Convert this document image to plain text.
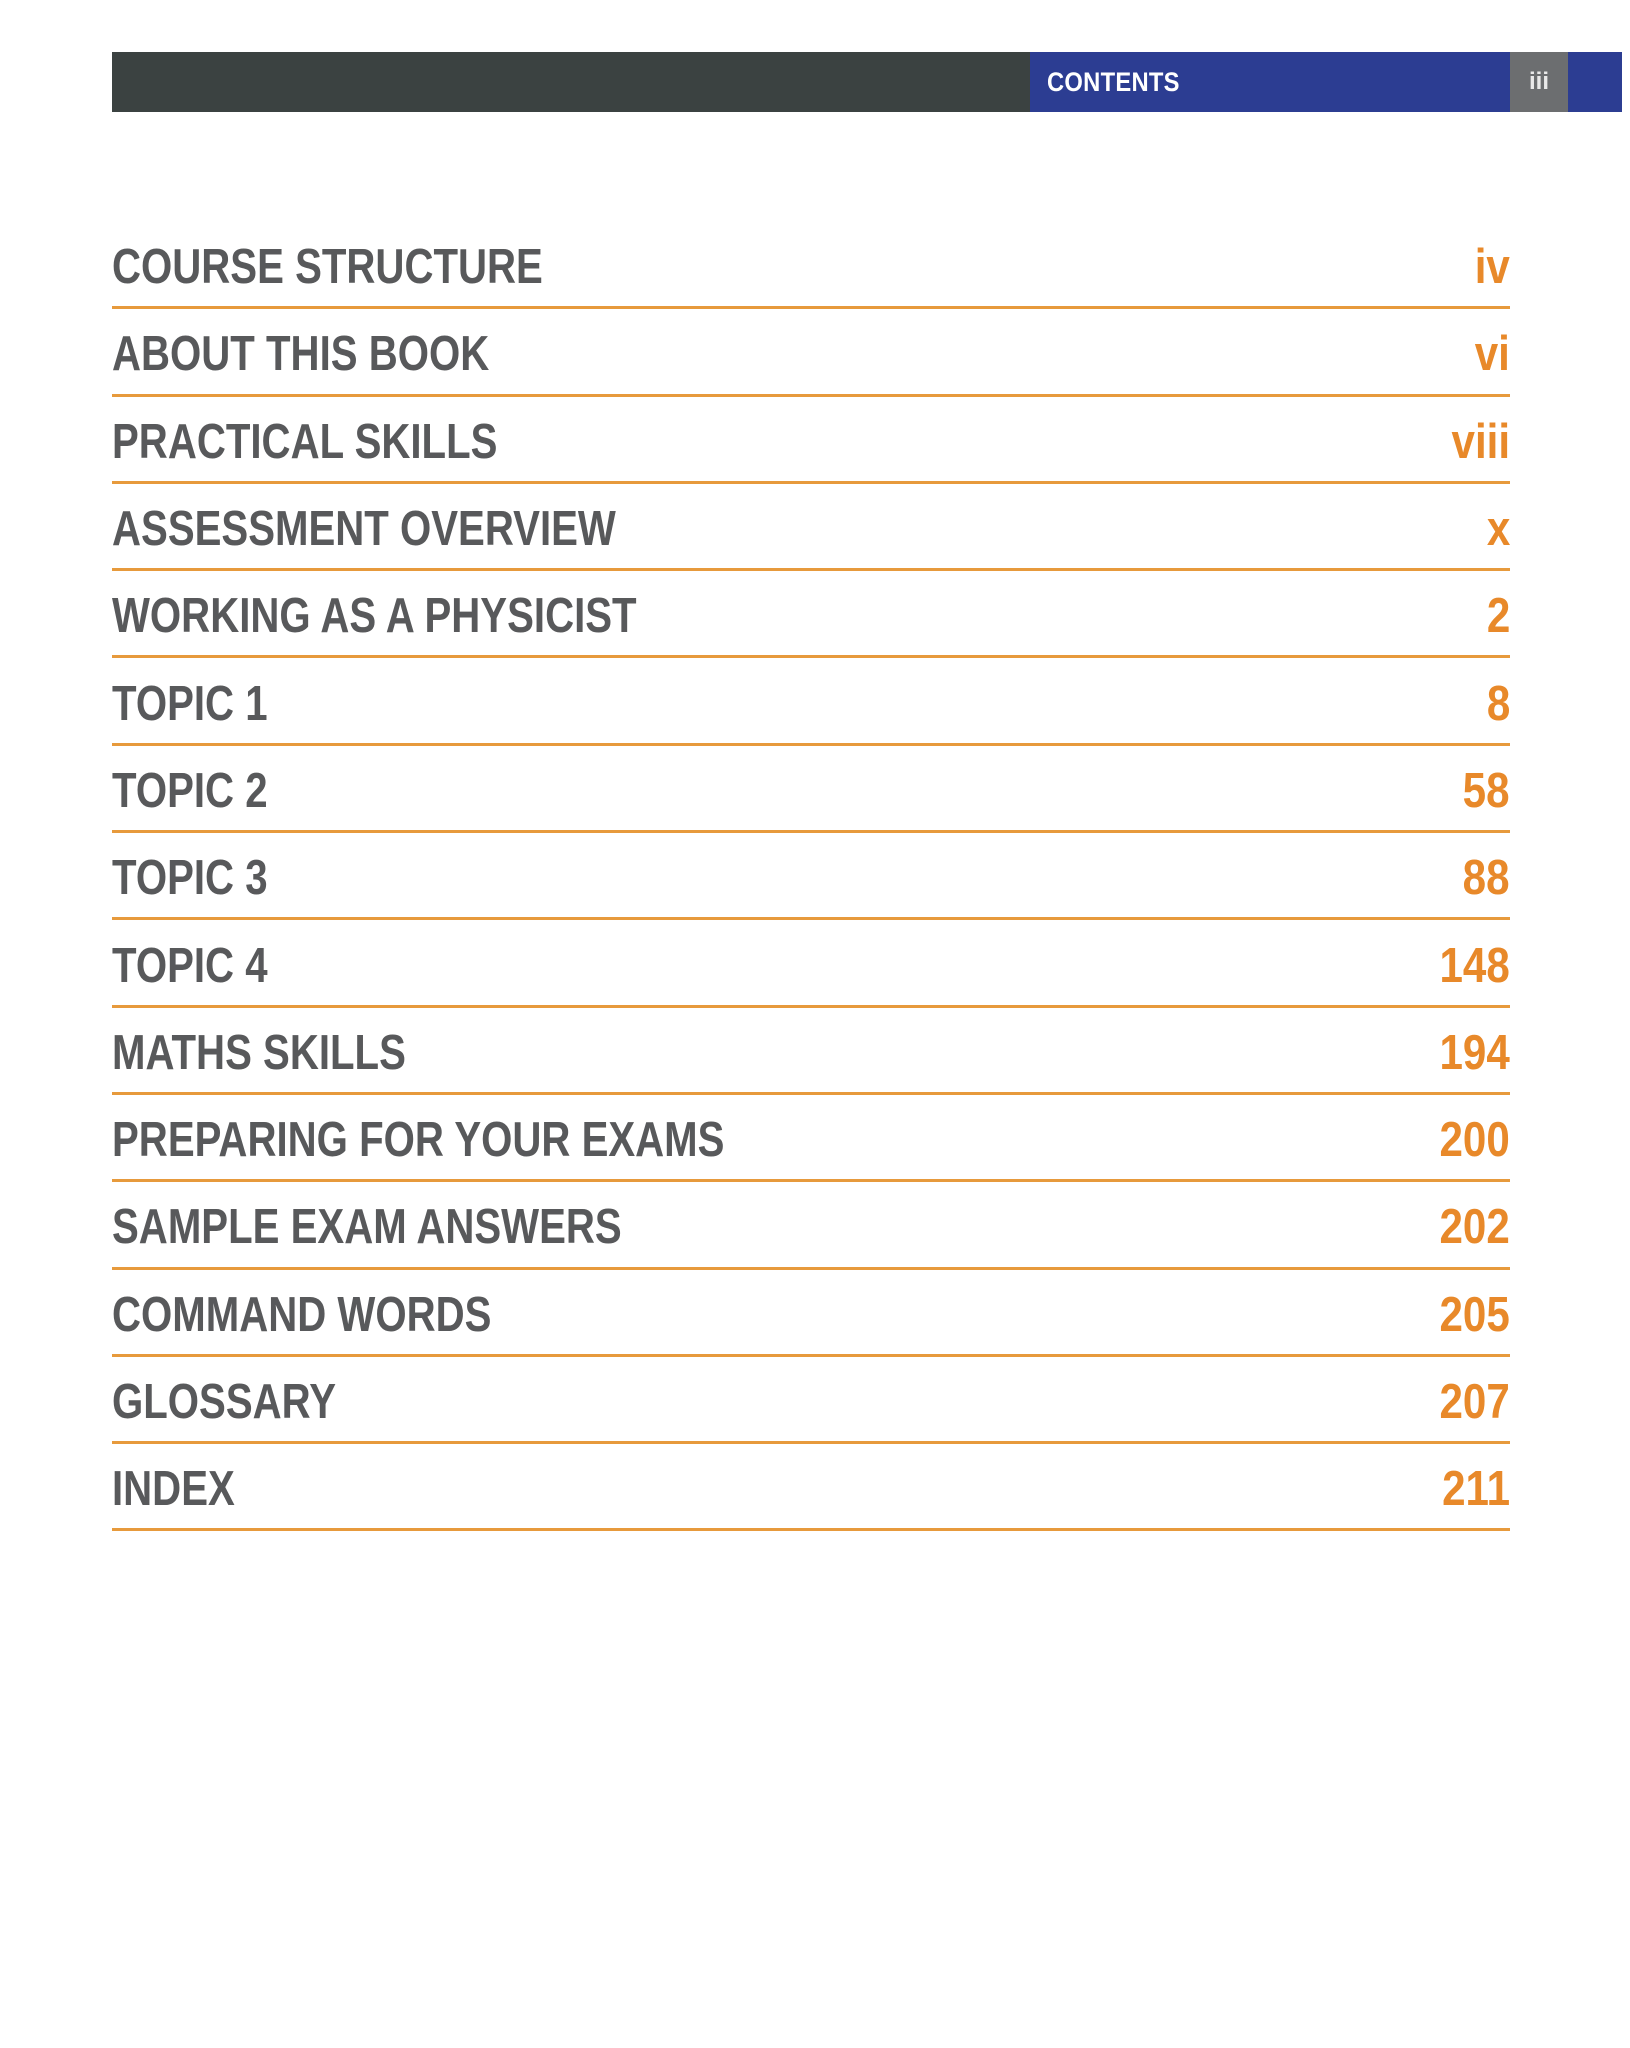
CONTENTS	iii
COURSE STRUCTURE	iv
ABOUT THIS BOOK	vi
PRACTICAL SKILLS	viii
ASSESSMENT OVERVIEW	x
WORKING AS A PHYSICIST	2
TOPIC 1	8
TOPIC 2	58
TOPIC 3	88
TOPIC 4	148
MATHS SKILLS	194
PREPARING FOR YOUR EXAMS	200
SAMPLE EXAM ANSWERS	202
COMMAND WORDS	205
GLOSSARY	207
INDEX	211
